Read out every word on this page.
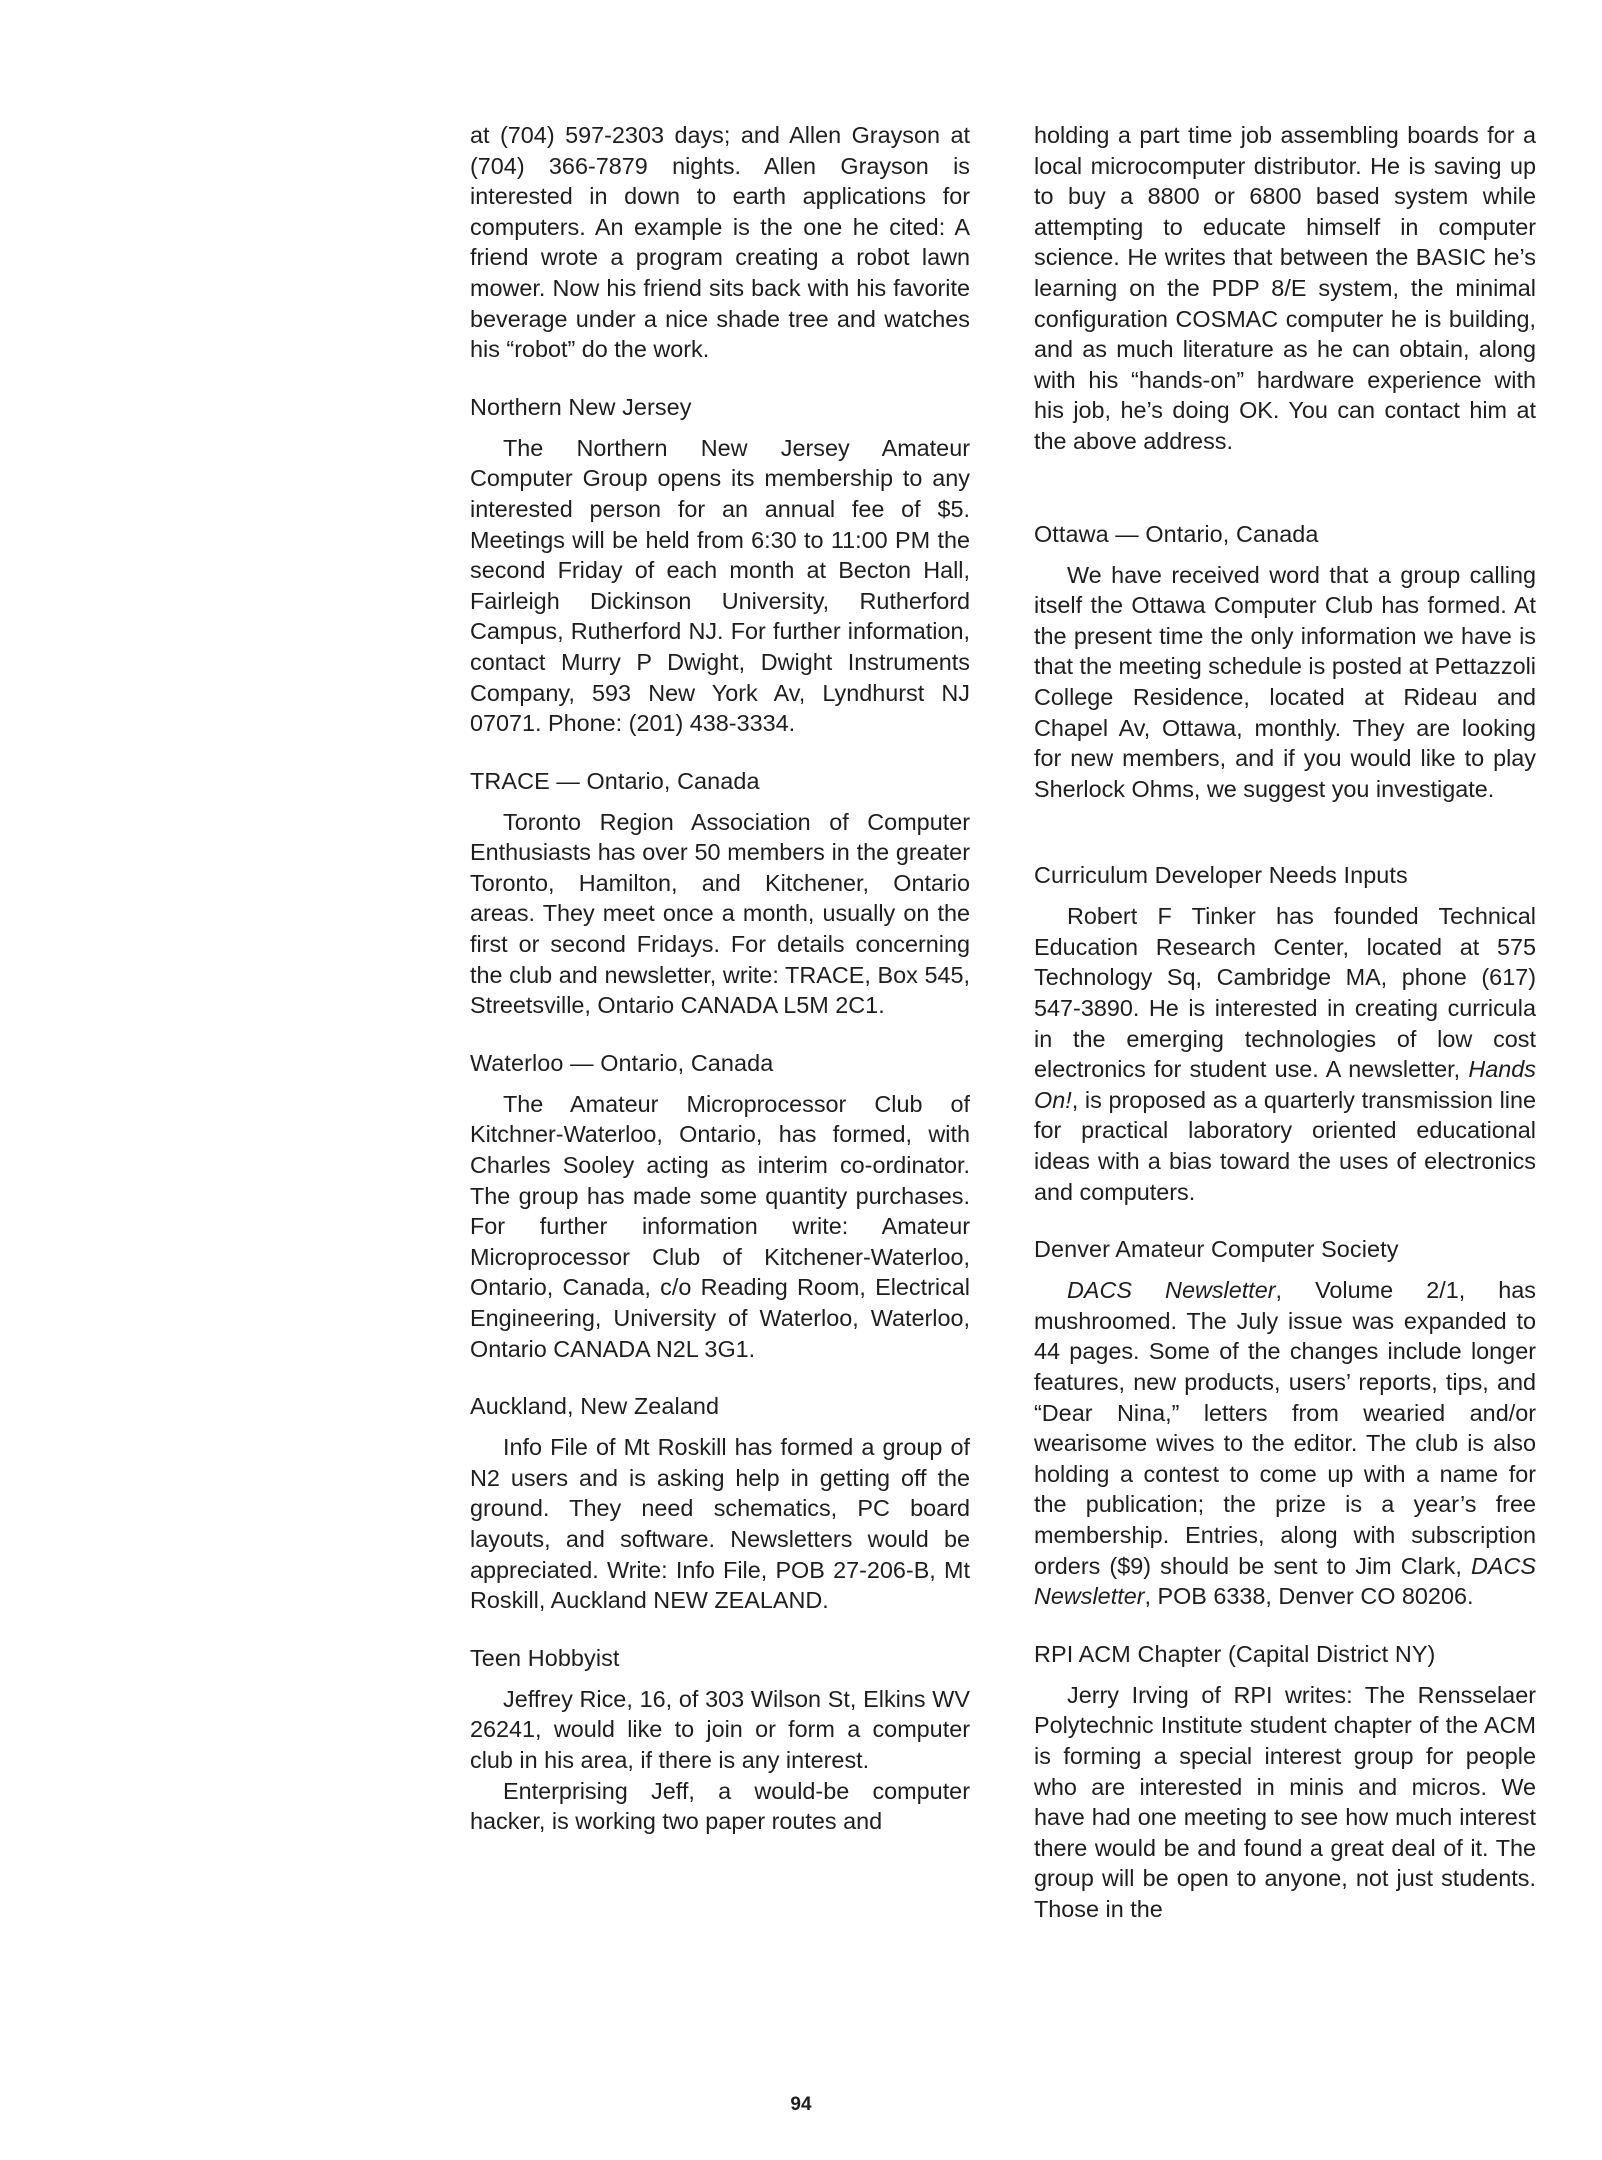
at (704) 597-2303 days; and Allen Grayson at (704) 366-7879 nights. Allen Grayson is interested in down to earth applications for computers. An example is the one he cited: A friend wrote a program creating a robot lawn mower. Now his friend sits back with his favorite beverage under a nice shade tree and watches his “robot” do the work.

Northern New Jersey

The Northern New Jersey Amateur Computer Group opens its membership to any interested person for an annual fee of $5. Meetings will be held from 6:30 to 11:00 PM the second Friday of each month at Becton Hall, Fairleigh Dickinson University, Rutherford Campus, Rutherford NJ. For further information, contact Murry P Dwight, Dwight Instruments Company, 593 New York Av, Lyndhurst NJ 07071. Phone: (201) 438-3334.

TRACE — Ontario, Canada

Toronto Region Association of Computer Enthusiasts has over 50 members in the greater Toronto, Hamilton, and Kitchener, Ontario areas. They meet once a month, usually on the first or second Fridays. For details concerning the club and newsletter, write: TRACE, Box 545, Streetsville, Ontario CANADA L5M 2C1.

Waterloo — Ontario, Canada

The Amateur Microprocessor Club of Kitchner-Waterloo, Ontario, has formed, with Charles Sooley acting as interim co-ordinator. The group has made some quantity purchases. For further information write: Amateur Microprocessor Club of Kitchener-Waterloo, Ontario, Canada, c/o Reading Room, Electrical Engineering, University of Waterloo, Waterloo, Ontario CANADA N2L 3G1.

Auckland, New Zealand

Info File of Mt Roskill has formed a group of N2 users and is asking help in getting off the ground. They need schematics, PC board layouts, and software. Newsletters would be appreciated. Write: Info File, POB 27-206-B, Mt Roskill, Auckland NEW ZEALAND.

Teen Hobbyist

Jeffrey Rice, 16, of 303 Wilson St, Elkins WV 26241, would like to join or form a computer club in his area, if there is any interest.

Enterprising Jeff, a would-be computer hacker, is working two paper routes and

holding a part time job assembling boards for a local microcomputer distributor. He is saving up to buy a 8800 or 6800 based system while attempting to educate himself in computer science. He writes that between the BASIC he’s learning on the PDP 8/E system, the minimal configuration COSMAC computer he is building, and as much literature as he can obtain, along with his “hands-on” hardware experience with his job, he’s doing OK. You can contact him at the above address.

Ottawa — Ontario, Canada

We have received word that a group calling itself the Ottawa Computer Club has formed. At the present time the only information we have is that the meeting schedule is posted at Pettazzoli College Residence, located at Rideau and Chapel Av, Ottawa, monthly. They are looking for new members, and if you would like to play Sherlock Ohms, we suggest you investigate.

Curriculum Developer Needs Inputs

Robert F Tinker has founded Technical Education Research Center, located at 575 Technology Sq, Cambridge MA, phone (617) 547-3890. He is interested in creating curricula in the emerging technologies of low cost electronics for student use. A newsletter, Hands On!, is proposed as a quarterly transmission line for practical laboratory oriented educational ideas with a bias toward the uses of electronics and computers.

Denver Amateur Computer Society

DACS Newsletter, Volume 2/1, has mushroomed. The July issue was expanded to 44 pages. Some of the changes include longer features, new products, users’ reports, tips, and “Dear Nina,” letters from wearied and/or wearisome wives to the editor. The club is also holding a contest to come up with a name for the publication; the prize is a year’s free membership. Entries, along with subscription orders ($9) should be sent to Jim Clark, DACS Newsletter, POB 6338, Denver CO 80206.

RPI ACM Chapter (Capital District NY)

Jerry Irving of RPI writes: The Rensselaer Polytechnic Institute student chapter of the ACM is forming a special interest group for people who are interested in minis and micros. We have had one meeting to see how much interest there would be and found a great deal of it. The group will be open to anyone, not just students. Those in the

94
